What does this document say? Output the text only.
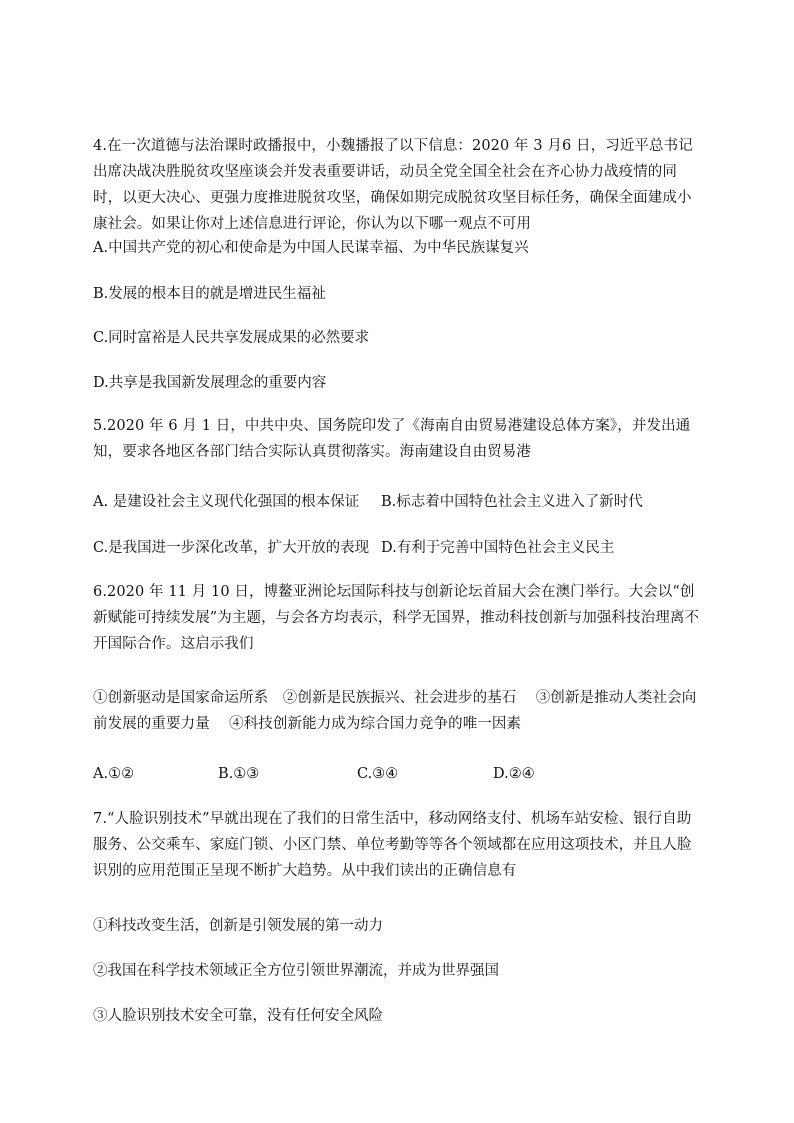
4.在一次道德与法治课时政播报中，小魏播报了以下信息：2020 年 3 月6 日，习近平总书记出席决战决胜脱贫攻坚座谈会并发表重要讲话，动员全党全国全社会在齐心协力战疫情的同时，以更大决心、更强力度推进脱贫攻坚，确保如期完成脱贫攻坚目标任务，确保全面建成小康社会。如果让你对上述信息进行评论，你认为以下哪一观点不可用
A.中国共产党的初心和使命是为中国人民谋幸福、为中华民族谋复兴
B.发展的根本目的就是增进民生福祉
C.同时富裕是人民共享发展成果的必然要求
D.共享是我国新发展理念的重要内容
5.2020 年 6 月 1 日，中共中央、国务院印发了《海南自由贸易港建设总体方案》，并发出通知，要求各地区各部门结合实际认真贯彻落实。海南建设自由贸易港
A. 是建设社会主义现代化强国的根本保证 B.标志着中国特色社会主义进入了新时代
C.是我国进一步深化改革，扩大开放的表现 D.有利于完善中国特色社会主义民主
6.2020 年 11 月 10 日，博鳌亚洲论坛国际科技与创新论坛首届大会在澳门举行。大会以“创新赋能可持续发展”为主题，与会各方均表示，科学无国界，推动科技创新与加强科技治理离不开国际合作。这启示我们
①创新驱动是国家命运所系　②创新是民族振兴、社会进步的基石　 ③创新是推动人类社会向前发展的重要力量　 ④科技创新能力成为综合国力竞争的唯一因素
A.①②	B.①③	C.③④	D.②④
7.“人脸识别技术”早就出现在了我们的日常生活中，移动网络支付、机场车站安检、银行自助服务、公交乘车、家庭门锁、小区门禁、单位考勤等等各个领域都在应用这项技术，并且人脸识别的应用范围正呈现不断扩大趋势。从中我们读出的正确信息有
①科技改变生活，创新是引领发展的第一动力
②我国在科学技术领域正全方位引领世界潮流，并成为世界强国
③人脸识别技术安全可靠，没有任何安全风险
